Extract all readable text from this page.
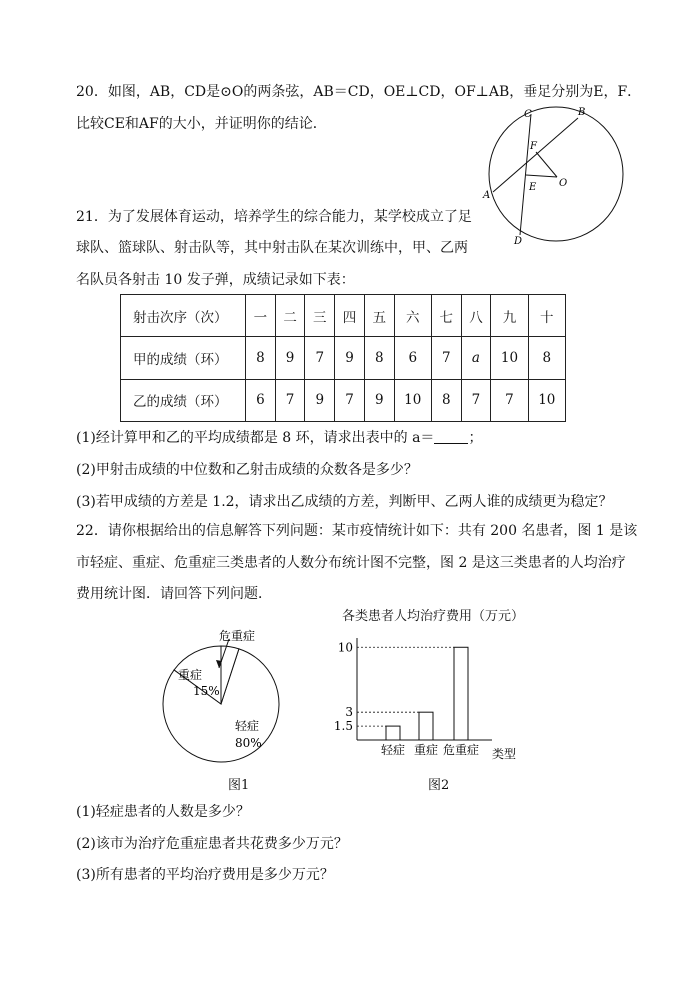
20．如图，AB，CD是⊙O的两条弦，AB＝CD，OE⊥CD，OF⊥AB，垂足分别为E，F．
比较CE和AF的大小，并证明你的结论．
C	B
F
A
E O
D
21．为了发展体育运动，培养学生的综合能力，某学校成立了足
球队、篮球队、射击队等，其中射击队在某次训练中，甲、乙两
名队员各射击 10 发子弹，成绩记录如下表：
射击次序（次）	一	二	三	四	五	六	七	八	九	十
甲的成绩（环）	8	9	7	9	8	6	7	a	10	8
乙的成绩（环）	6	7	9	7	9	10	8	7	7	10
(1)经计算甲和乙的平均成绩都是 8 环，请求出表中的 a＝ ；
(2)甲射击成绩的中位数和乙射击成绩的众数各是多少？
(3)若甲成绩的方差是 1.2，请求出乙成绩的方差，判断甲、乙两人谁的成绩更为稳定？
22．请你根据给出的信息解答下列问题：某市疫情统计如下：共有 200 名患者，图 1 是该
市轻症、重症、危重症三类患者的人数分布统计图不完整，图 2 是这三类患者的人均治疗
费用统计图．请回答下列问题．
危重症
重症
15%
轻症
80%
图1
各类患者人均治疗费用（万元）
1.5
3
10
轻症 重症 危重症 类型
图2
(1)轻症患者的人数是多少？
(2)该市为治疗危重症患者共花费多少万元？
(3)所有患者的平均治疗费用是多少万元？
